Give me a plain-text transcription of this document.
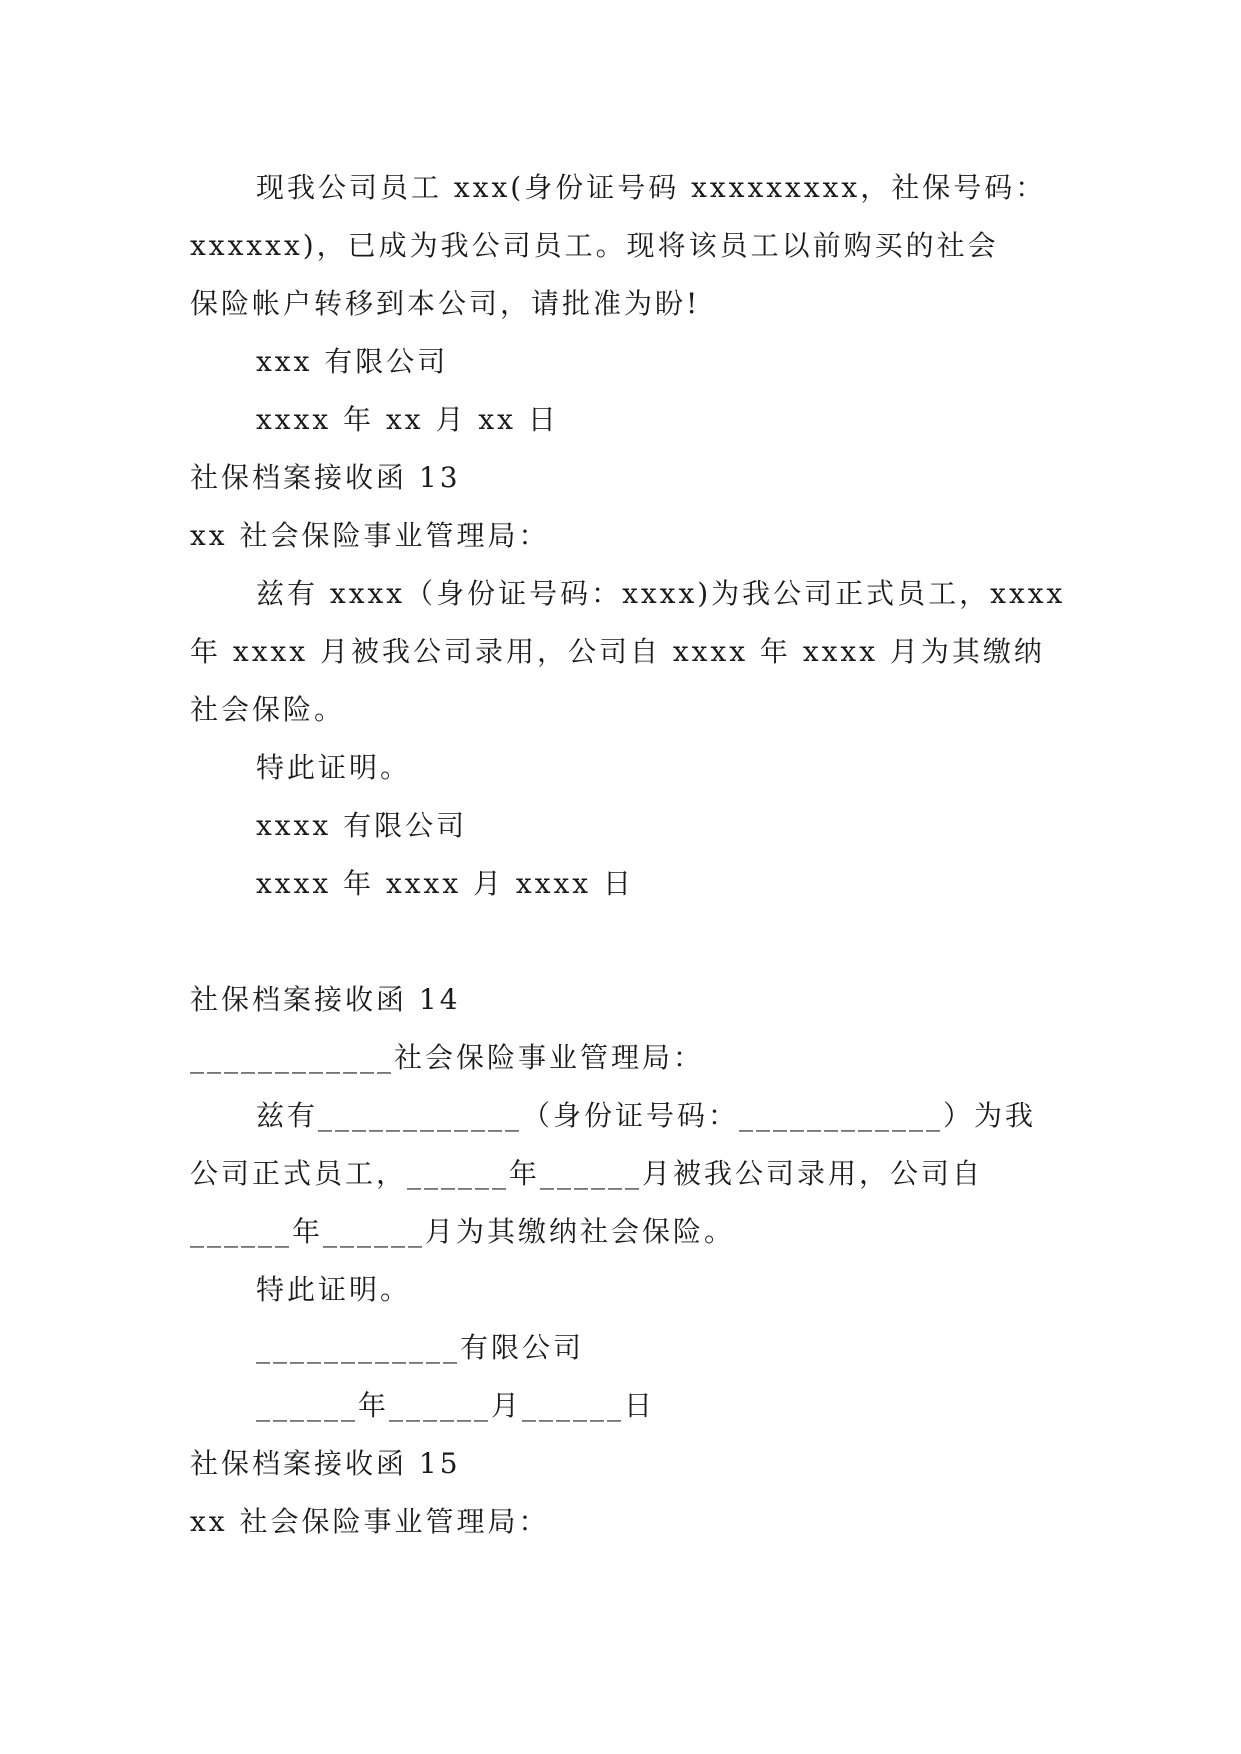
现我公司员工 xxx(身份证号码 xxxxxxxxx，社保号码：
xxxxxx)，已成为我公司员工。现将该员工以前购买的社会
保险帐户转移到本公司，请批准为盼!
xxx 有限公司
xxxx 年 xx 月 xx 日
社保档案接收函 13
xx 社会保险事业管理局：
兹有 xxxx（身份证号码：xxxx)为我公司正式员工，xxxx
年 xxxx 月被我公司录用，公司自 xxxx 年 xxxx 月为其缴纳
社会保险。
特此证明。
xxxx 有限公司
xxxx 年 xxxx 月 xxxx 日
社保档案接收函 14
____________社会保险事业管理局：
兹有____________（身份证号码：____________）为我
公司正式员工，______年______月被我公司录用，公司自
______年______月为其缴纳社会保险。
特此证明。
____________有限公司
______年______月______日
社保档案接收函 15
xx 社会保险事业管理局：
